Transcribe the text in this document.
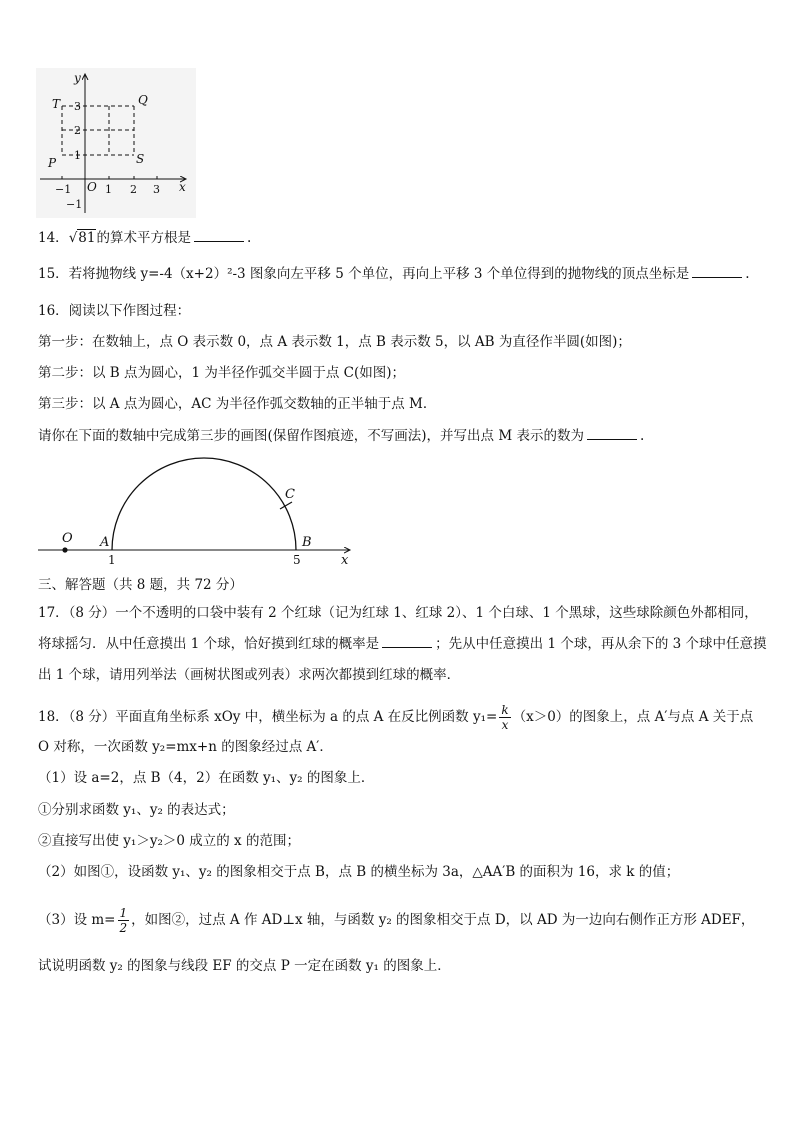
y
x
T	Q
P	S
O
−1	1 2 3
3
2
1
−1
14．√81的算术平方根是	.
15．若将抛物线 y=-4（x+2）²-3 图象向左平移 5 个单位，再向上平移 3 个单位得到的抛物线的顶点坐标是	.
16．阅读以下作图过程：
第一步：在数轴上，点 O 表示数 0，点 A 表示数 1，点 B 表示数 5，以 AB 为直径作半圆(如图)；
第二步：以 B 点为圆心，1 为半径作弧交半圆于点 C(如图)；
第三步：以 A 点为圆心，AC 为半径作弧交数轴的正半轴于点 M．
请你在下面的数轴中完成第三步的画图(保留作图痕迹，不写画法)，并写出点 M 表示的数为	.
O A	B
C
x
1	5
三、解答题（共 8 题，共 72 分）
17．（8 分）一个不透明的口袋中装有 2 个红球（记为红球 1、红球 2）、1 个白球、1 个黑球，这些球除颜色外都相同，
将球摇匀．从中任意摸出 1 个球，恰好摸到红球的概率是	；先从中任意摸出 1 个球，再从余下的 3 个球中任意摸
出 1 个球，请用列举法（画树状图或列表）求两次都摸到红球的概率．
18．（8 分）平面直角坐标系 xOy 中，横坐标为 a 的点 A 在反比例函数 $y_1= \frac{k}{x} (x>0)$的图象上，点 A′与点 A 关于点
O 对称，一次函数 y₂=mx+n 的图象经过点 A′．
（1）设 a=2，点 B（4，2）在函数 y₁、y₂ 的图象上．
①分别求函数 y₁、y₂ 的表达式；
②直接写出使 y₁＞y₂＞0 成立的 x 的范围；
（2）如图①，设函数 y₁、y₂ 的图象相交于点 B，点 B 的横坐标为 3a，△AA′B 的面积为 16，求 k 的值；
（3）设 $m= \frac{1}{2}$ ，如图②，过点 A 作 AD⊥x 轴，与函数 y₂ 的图象相交于点 D，以 AD 为一边向右侧作正方形 ADEF，
试说明函数 y₂ 的图象与线段 EF 的交点 P 一定在函数 y₁ 的图象上．
